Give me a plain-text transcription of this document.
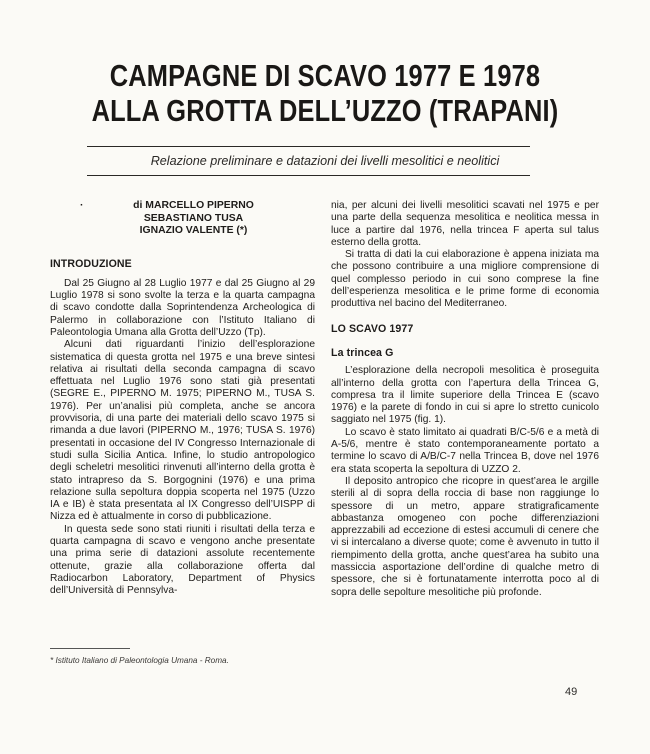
CAMPAGNE DI SCAVO 1977 E 1978
ALLA GROTTA DELL’UZZO (TRAPANI)
Relazione preliminare e datazioni dei livelli mesolitici e neolitici
·	di MARCELLO PIPERNO
SEBASTIANO TUSA
IGNAZIO VALENTE (*)
INTRODUZIONE

Dal 25 Giugno al 28 Luglio 1977 e dal 25 Giugno al 29 Luglio 1978 si sono svolte la terza e la quarta campagna di scavo condotte dalla Soprintendenza Archeologica di Palermo in collaborazione con l’Istituto Italiano di Paleontologia Umana alla Grotta dell’Uzzo (Tp).

Alcuni dati riguardanti l’inizio dell’esplorazione sistematica di questa grotta nel 1975 e una breve sintesi relativa ai risultati della seconda campagna di scavo effettuata nel Luglio 1976 sono stati già presentati (SEGRE E., PIPERNO M. 1975; PIPERNO M., TUSA S. 1976). Per un’analisi più completa, anche se ancora provvisoria, di una parte dei materiali dello scavo 1975 si rimanda a due lavori (PIPERNO M., 1976; TUSA S. 1976) presentati in occasione del IV Congresso Internazionale di studi sulla Sicilia Antica. Infine, lo studio antropologico degli scheletri mesolitici rinvenuti all’interno della grotta è stato intrapreso da S. Borgognini (1976) e una prima relazione sulla sepoltura doppia scoperta nel 1975 (Uzzo IA e IB) è stata presentata al IX Congresso dell’UISPP di Nizza ed è attualmente in corso di pubblicazione.

In questa sede sono stati riuniti i risultati della terza e quarta campagna di scavo e vengono anche presentate una prima serie di datazioni assolute recentemente ottenute, grazie alla collaborazione offerta dal Radiocarbon Laboratory, Department of Physics dell’Università di Pennsylva-

nia, per alcuni dei livelli mesolitici scavati nel 1975 e per una parte della sequenza mesolitica e neolitica messa in luce a partire dal 1976, nella trincea F aperta sul talus esterno della grotta.

Si tratta di dati la cui elaborazione è appena iniziata ma che possono contribuire a una migliore comprensione di quel complesso periodo in cui sono comprese la fine dell’esperienza mesolitica e le prime forme di economia produttiva nel bacino del Mediterraneo.

LO SCAVO 1977
La trincea G

L’esplorazione della necropoli mesolitica è proseguita all’interno della grotta con l’apertura della Trincea G, compresa tra il limite superiore della Trincea E (scavo 1976) e la parete di fondo in cui si apre lo stretto cunicolo saggiato nel 1975 (fig. 1).

Lo scavo è stato limitato ai quadrati B/C-5/6 e a metà di A-5/6, mentre è stato contemporaneamente portato a termine lo scavo di A/B/C-7 nella Trincea B, dove nel 1976 era stata scoperta la sepoltura di UZZO 2.

Il deposito antropico che ricopre in quest’area le argille sterili al di sopra della roccia di base non raggiunge lo spessore di un metro, appare stratigraficamente abbastanza omogeneo con poche differenziazioni apprezzabili ad eccezione di estesi accumuli di cenere che vi si intercalano a diverse quote; come è avvenuto in tutto il riempimento della grotta, anche quest’area ha subito una massiccia asportazione dell’ordine di qualche metro di spessore, che si è fortunatamente interrotta poco al di sopra delle sepolture mesolitiche più profonde.

* Istituto Italiano di Paleontologia Umana - Roma.
49
